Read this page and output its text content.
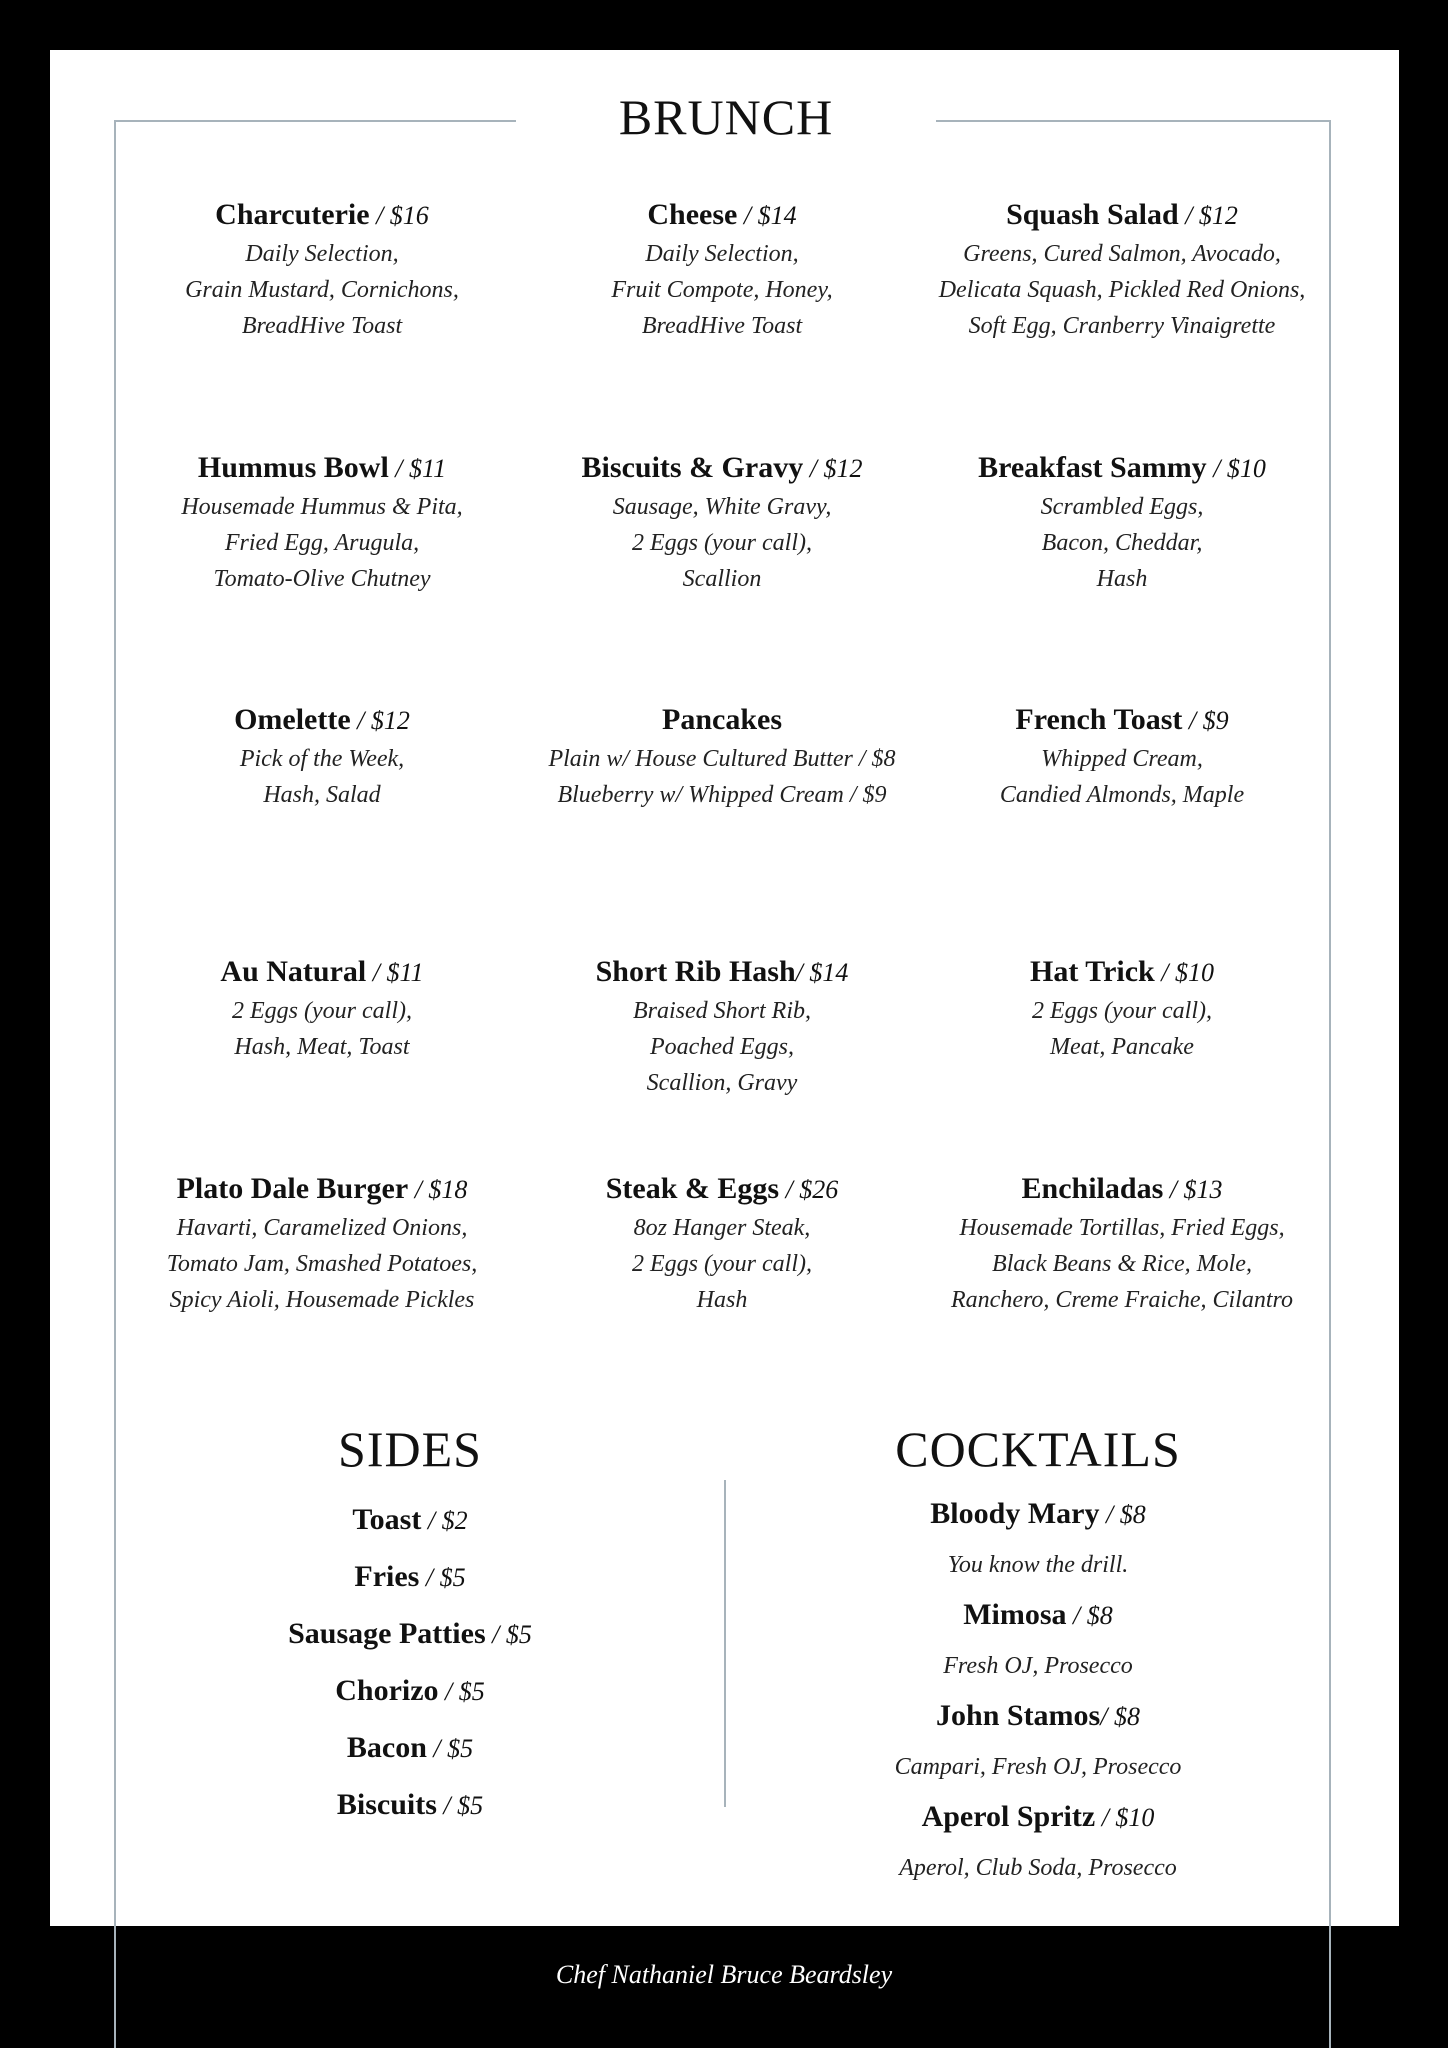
BRUNCH
Charcuterie / $16
Daily Selection,
Grain Mustard, Cornichons,
BreadHive Toast
Cheese / $14
Daily Selection,
Fruit Compote, Honey,
BreadHive Toast
Squash Salad / $12
Greens, Cured Salmon, Avocado,
Delicata Squash, Pickled Red Onions,
Soft Egg, Cranberry Vinaigrette
Hummus Bowl / $11
Housemade Hummus & Pita,
Fried Egg, Arugula,
Tomato-Olive Chutney
Biscuits & Gravy / $12
Sausage, White Gravy,
2 Eggs (your call),
Scallion
Breakfast Sammy / $10
Scrambled Eggs,
Bacon, Cheddar,
Hash
Omelette / $12
Pick of the Week,
Hash, Salad
Pancakes
Plain w/ House Cultured Butter / $8
Blueberry w/ Whipped Cream / $9
French Toast / $9
Whipped Cream,
Candied Almonds, Maple
Au Natural / $11
2 Eggs (your call),
Hash, Meat, Toast
Short Rib Hash/ $14
Braised Short Rib,
Poached Eggs,
Scallion, Gravy
Hat Trick / $10
2 Eggs (your call),
Meat, Pancake
Plato Dale Burger / $18
Havarti, Caramelized Onions,
Tomato Jam, Smashed Potatoes,
Spicy Aioli, Housemade Pickles
Steak & Eggs / $26
8oz Hanger Steak,
2 Eggs (your call),
Hash
Enchiladas / $13
Housemade Tortillas, Fried Eggs,
Black Beans & Rice, Mole,
Ranchero, Creme Fraiche, Cilantro
SIDES
Toast / $2
Fries / $5
Sausage Patties / $5
Chorizo / $5
Bacon / $5
Biscuits / $5
COCKTAILS
Bloody Mary / $8
You know the drill.
Mimosa / $8
Fresh OJ, Prosecco
John Stamos/ $8
Campari, Fresh OJ, Prosecco
Aperol Spritz / $10
Aperol, Club Soda, Prosecco
Chef Nathaniel Bruce Beardsley
